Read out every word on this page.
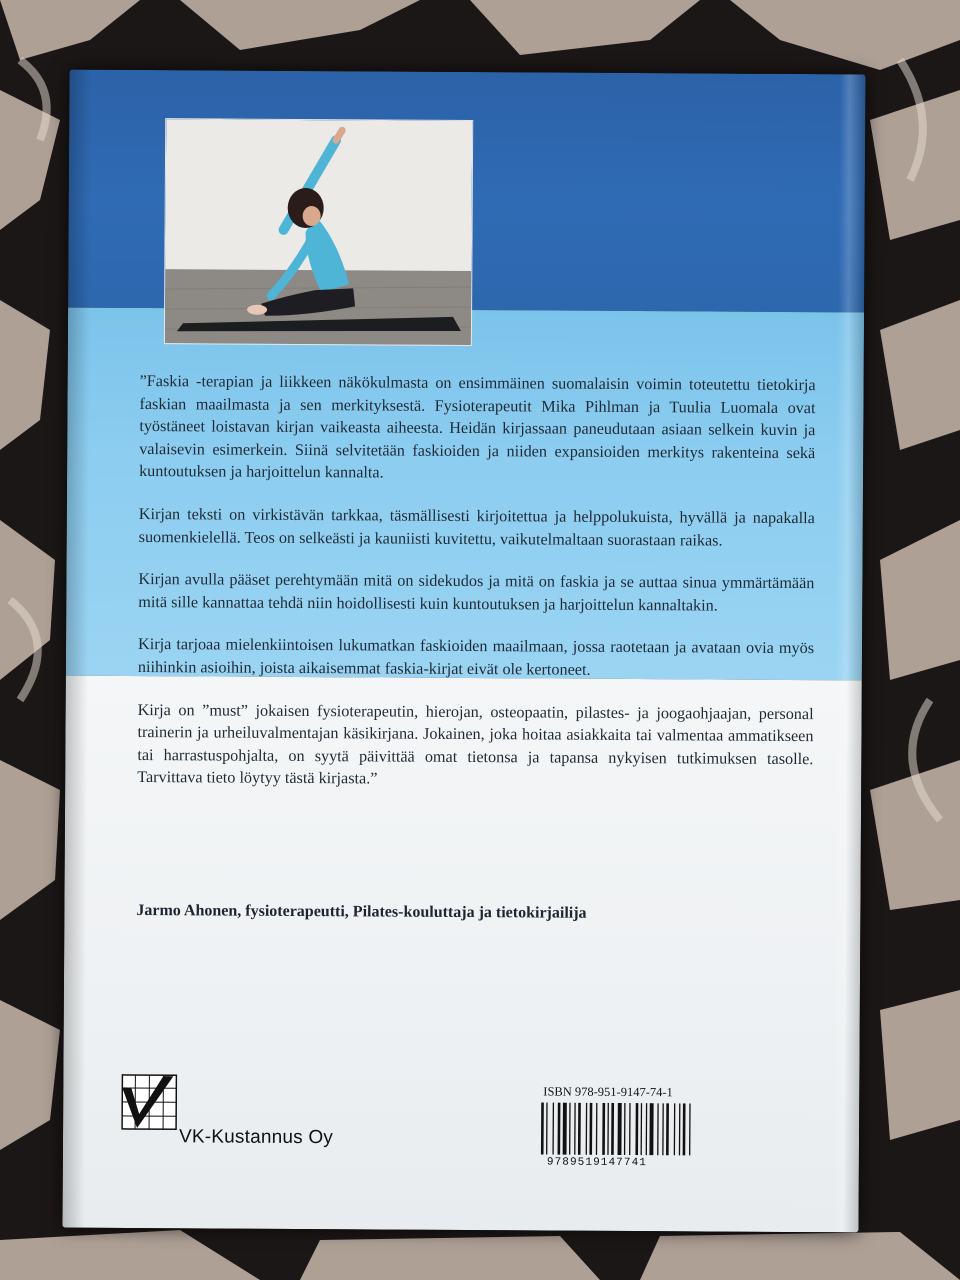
”Faskia -terapian ja liikkeen näkökulmasta on ensimmäinen suomalaisin voimin toteutettu tietokirja faskian maailmasta ja sen merkityksestä. Fysioterapeutit Mika Pihlman ja Tuulia Luomala ovat työstäneet loistavan kirjan vaikeasta aiheesta. Heidän kirjassaan paneudutaan asiaan selkein kuvin ja valaisevin esimerkein. Siinä selvitetään faskioiden ja niiden expansioiden merkitys rakenteina sekä kuntoutuksen ja harjoittelun kannalta.

Kirjan teksti on virkistävän tarkkaa, täsmällisesti kirjoitettua ja helppolukuista, hyvällä ja napakalla suomenkielellä. Teos on selkeästi ja kauniisti kuvitettu, vaikutelmaltaan suorastaan raikas.

Kirjan avulla pääset perehtymään mitä on sidekudos ja mitä on faskia ja se auttaa sinua ymmärtämään mitä sille kannattaa tehdä niin hoidollisesti kuin kuntoutuksen ja harjoittelun kannaltakin.

Kirja tarjoaa mielenkiintoisen lukumatkan faskioiden maailmaan, jossa raotetaan ja avataan ovia myös niihinkin asioihin, joista aikaisemmat faskia-kirjat eivät ole kertoneet.

Kirja on ”must” jokaisen fysioterapeutin, hierojan, osteopaatin, pilastes- ja joogaohjaajan, personal trainerin ja urheiluvalmentajan käsikirjana. Jokainen, joka hoitaa asiakkaita tai valmentaa ammatikseen tai harrastuspohjalta, on syytä päivittää omat tietonsa ja tapansa nykyisen tutkimuksen tasolle. Tarvittava tieto löytyy tästä kirjasta.”

Jarmo Ahonen, fysioterapeutti, Pilates-kouluttaja ja tietokirjailija
VK-Kustannus Oy
ISBN 978-951-9147-74-1
9789519147741
